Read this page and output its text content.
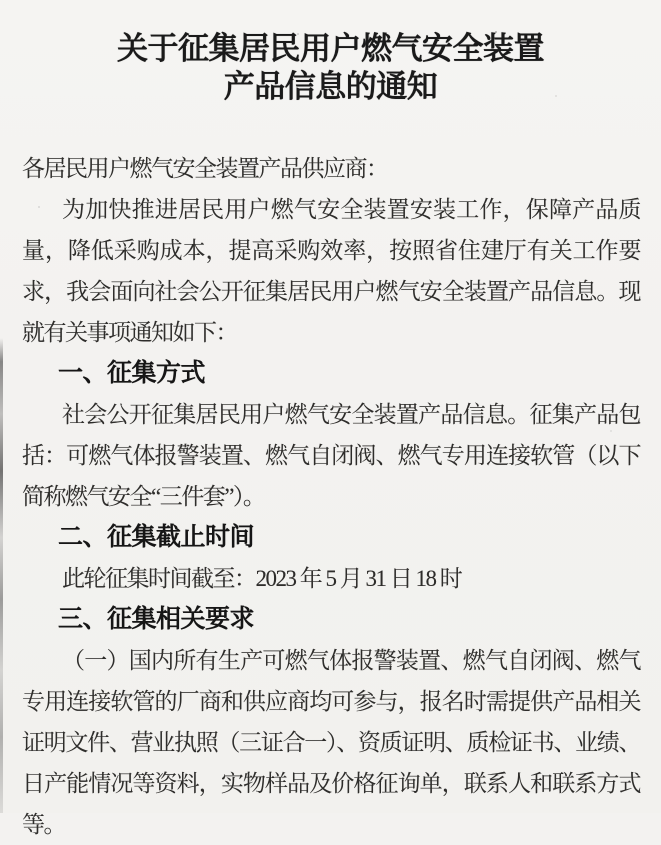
关于征集居民用户燃气安全装置
产品信息的通知

各居民用户燃气安全装置产品供应商：

为加快推进居民用户燃气安全装置安装工作，保障产品质量，降低采购成本，提高采购效率，按照省住建厅有关工作要求，我会面向社会公开征集居民用户燃气安全装置产品信息。现就有关事项通知如下：

一、征集方式

社会公开征集居民用户燃气安全装置产品信息。征集产品包括：可燃气体报警装置、燃气自闭阀、燃气专用连接软管（以下简称燃气安全“三件套”）。

二、征集截止时间

此轮征集时间截至：2023 年 5 月 31 日 18 时

三、征集相关要求

（一）国内所有生产可燃气体报警装置、燃气自闭阀、燃气专用连接软管的厂商和供应商均可参与，报名时需提供产品相关证明文件、营业执照（三证合一）、资质证明、质检证书、业绩、日产能情况等资料，实物样品及价格征询单，联系人和联系方式等。
